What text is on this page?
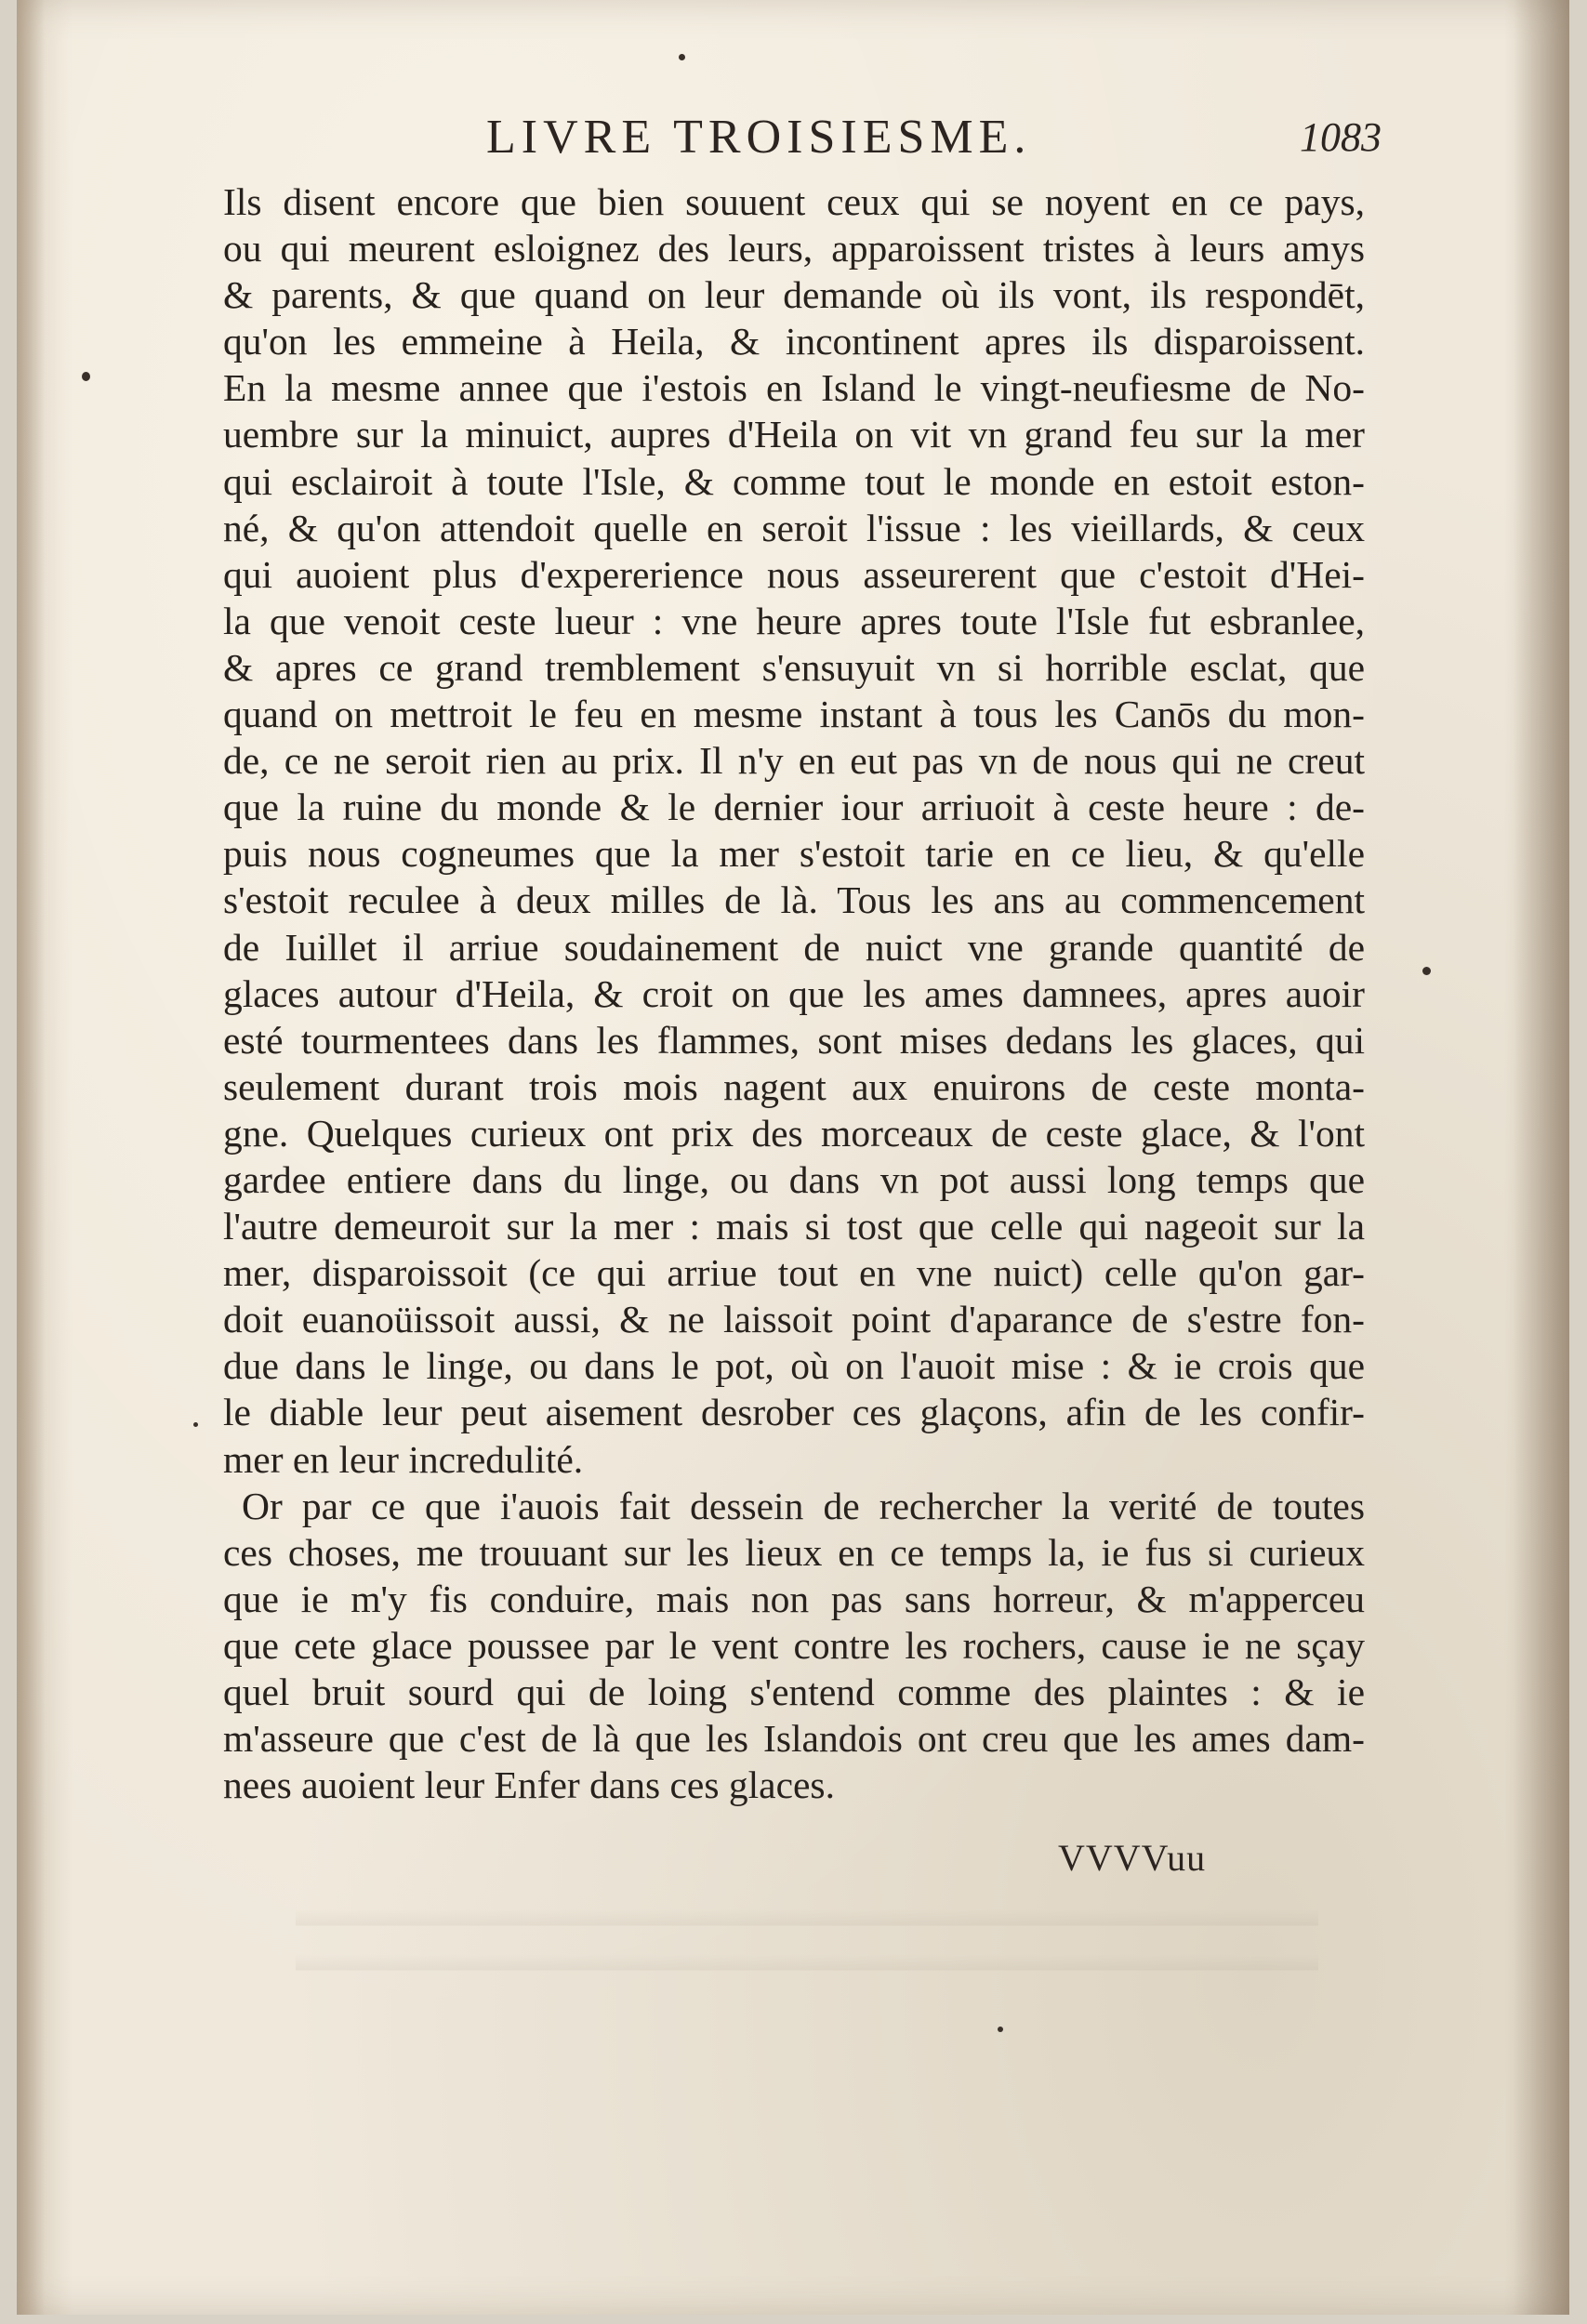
LIVRE TROISIESME.	1083
Ils disent encore que bien souuent ceux qui se noyent en ce pays,
ou qui meurent esloignez des leurs, apparoissent tristes à leurs amys
& parents, & que quand on leur demande où ils vont, ils respondēt,
qu'on les emmeine à Heila, & incontinent apres ils disparoissent.
En la mesme annee que i'estois en Island le vingt-neufiesme de No-
uembre sur la minuict, aupres d'Heila on vit vn grand feu sur la mer
qui esclairoit à toute l'Isle, & comme tout le monde en estoit eston-
né, & qu'on attendoit quelle en seroit l'issue : les vieillards, & ceux
qui auoient plus d'expererience nous asseurerent que c'estoit d'Hei-
la que venoit ceste lueur : vne heure apres toute l'Isle fut esbranlee,
& apres ce grand tremblement s'ensuyuit vn si horrible esclat, que
quand on mettroit le feu en mesme instant à tous les Canōs du mon-
de, ce ne seroit rien au prix. Il n'y en eut pas vn de nous qui ne creut
que la ruine du monde & le dernier iour arriuoit à ceste heure : de-
puis nous cogneumes que la mer s'estoit tarie en ce lieu, & qu'elle
s'estoit reculee à deux milles de là. Tous les ans au commencement
de Iuillet il arriue soudainement de nuict vne grande quantité de
glaces autour d'Heila, & croit on que les ames damnees, apres auoir
esté tourmentees dans les flammes, sont mises dedans les glaces, qui
seulement durant trois mois nagent aux enuirons de ceste monta-
gne. Quelques curieux ont prix des morceaux de ceste glace, & l'ont
gardee entiere dans du linge, ou dans vn pot aussi long temps que
l'autre demeuroit sur la mer : mais si tost que celle qui nageoit sur la
mer, disparoissoit (ce qui arriue tout en vne nuict) celle qu'on gar-
doit euanoüissoit aussi, & ne laissoit point d'aparance de s'estre fon-
due dans le linge, ou dans le pot, où on l'auoit mise : & ie crois que
le diable leur peut aisement desrober ces glaçons, afin de les confir-
mer en leur incredulité.
Or par ce que i'auois fait dessein de rechercher la verité de toutes
ces choses, me trouuant sur les lieux en ce temps la, ie fus si curieux
que ie m'y fis conduire, mais non pas sans horreur, & m'apperceu
que cete glace poussee par le vent contre les rochers, cause ie ne sçay
quel bruit sourd qui de loing s'entend comme des plaintes : & ie
m'asseure que c'est de là que les Islandois ont creu que les ames dam-
nees auoient leur Enfer dans ces glaces.
VVVVuu
